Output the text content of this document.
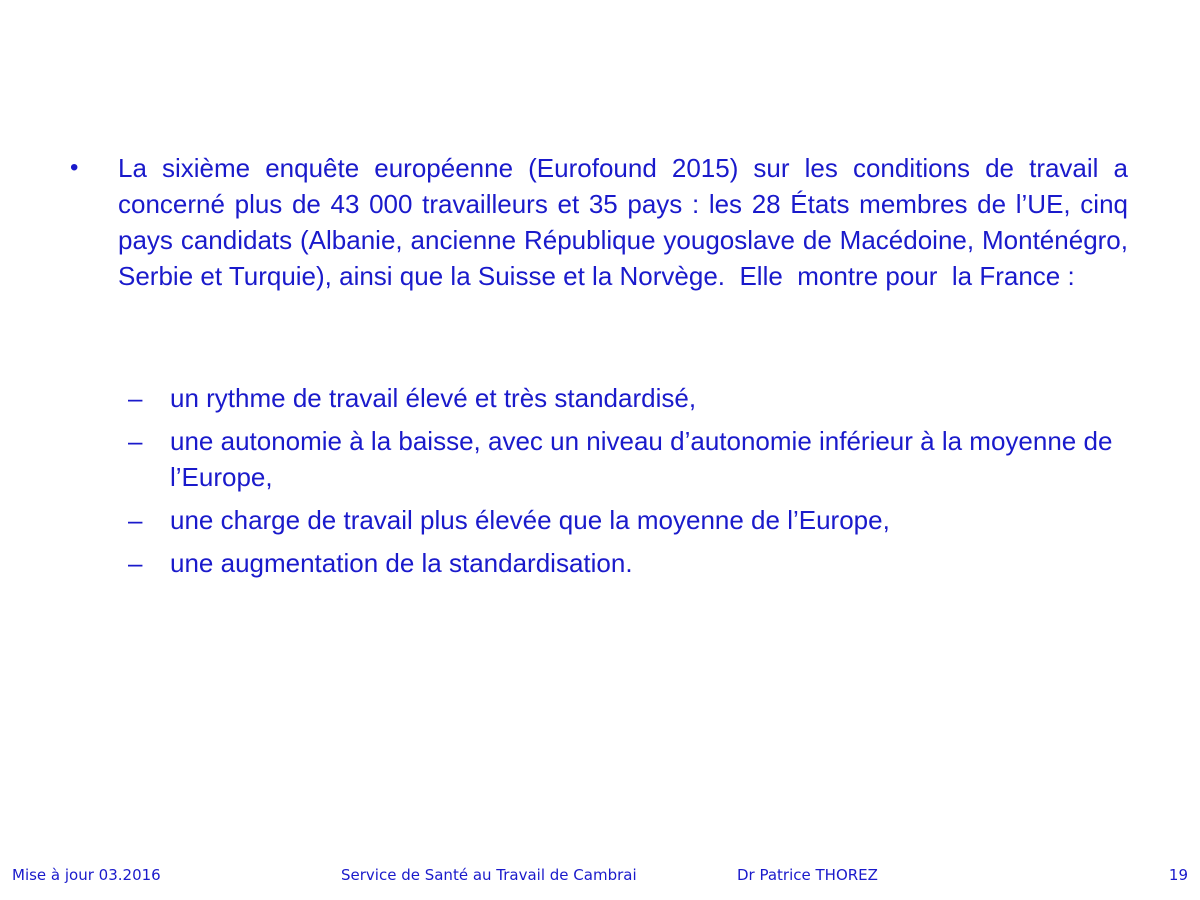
•	La sixième enquête européenne (Eurofound 2015) sur les conditions de travail a concerné plus de 43 000 travailleurs et 35 pays : les 28 États membres de l’UE, cinq pays candidats (Albanie, ancienne République yougoslave de Macédoine, Monténégro, Serbie et Turquie), ainsi que la Suisse et la Norvège.  Elle  montre pour  la France :
–	un rythme de travail élevé et très standardisé,
–	une autonomie à la baisse, avec un niveau d’autonomie inférieur à la moyenne de l’Europe,
–	une charge de travail plus élevée que la moyenne de l’Europe,
–	une augmentation de la standardisation.
Mise à jour 03.2016	Service de Santé au Travail de Cambrai	Dr Patrice THOREZ	19
